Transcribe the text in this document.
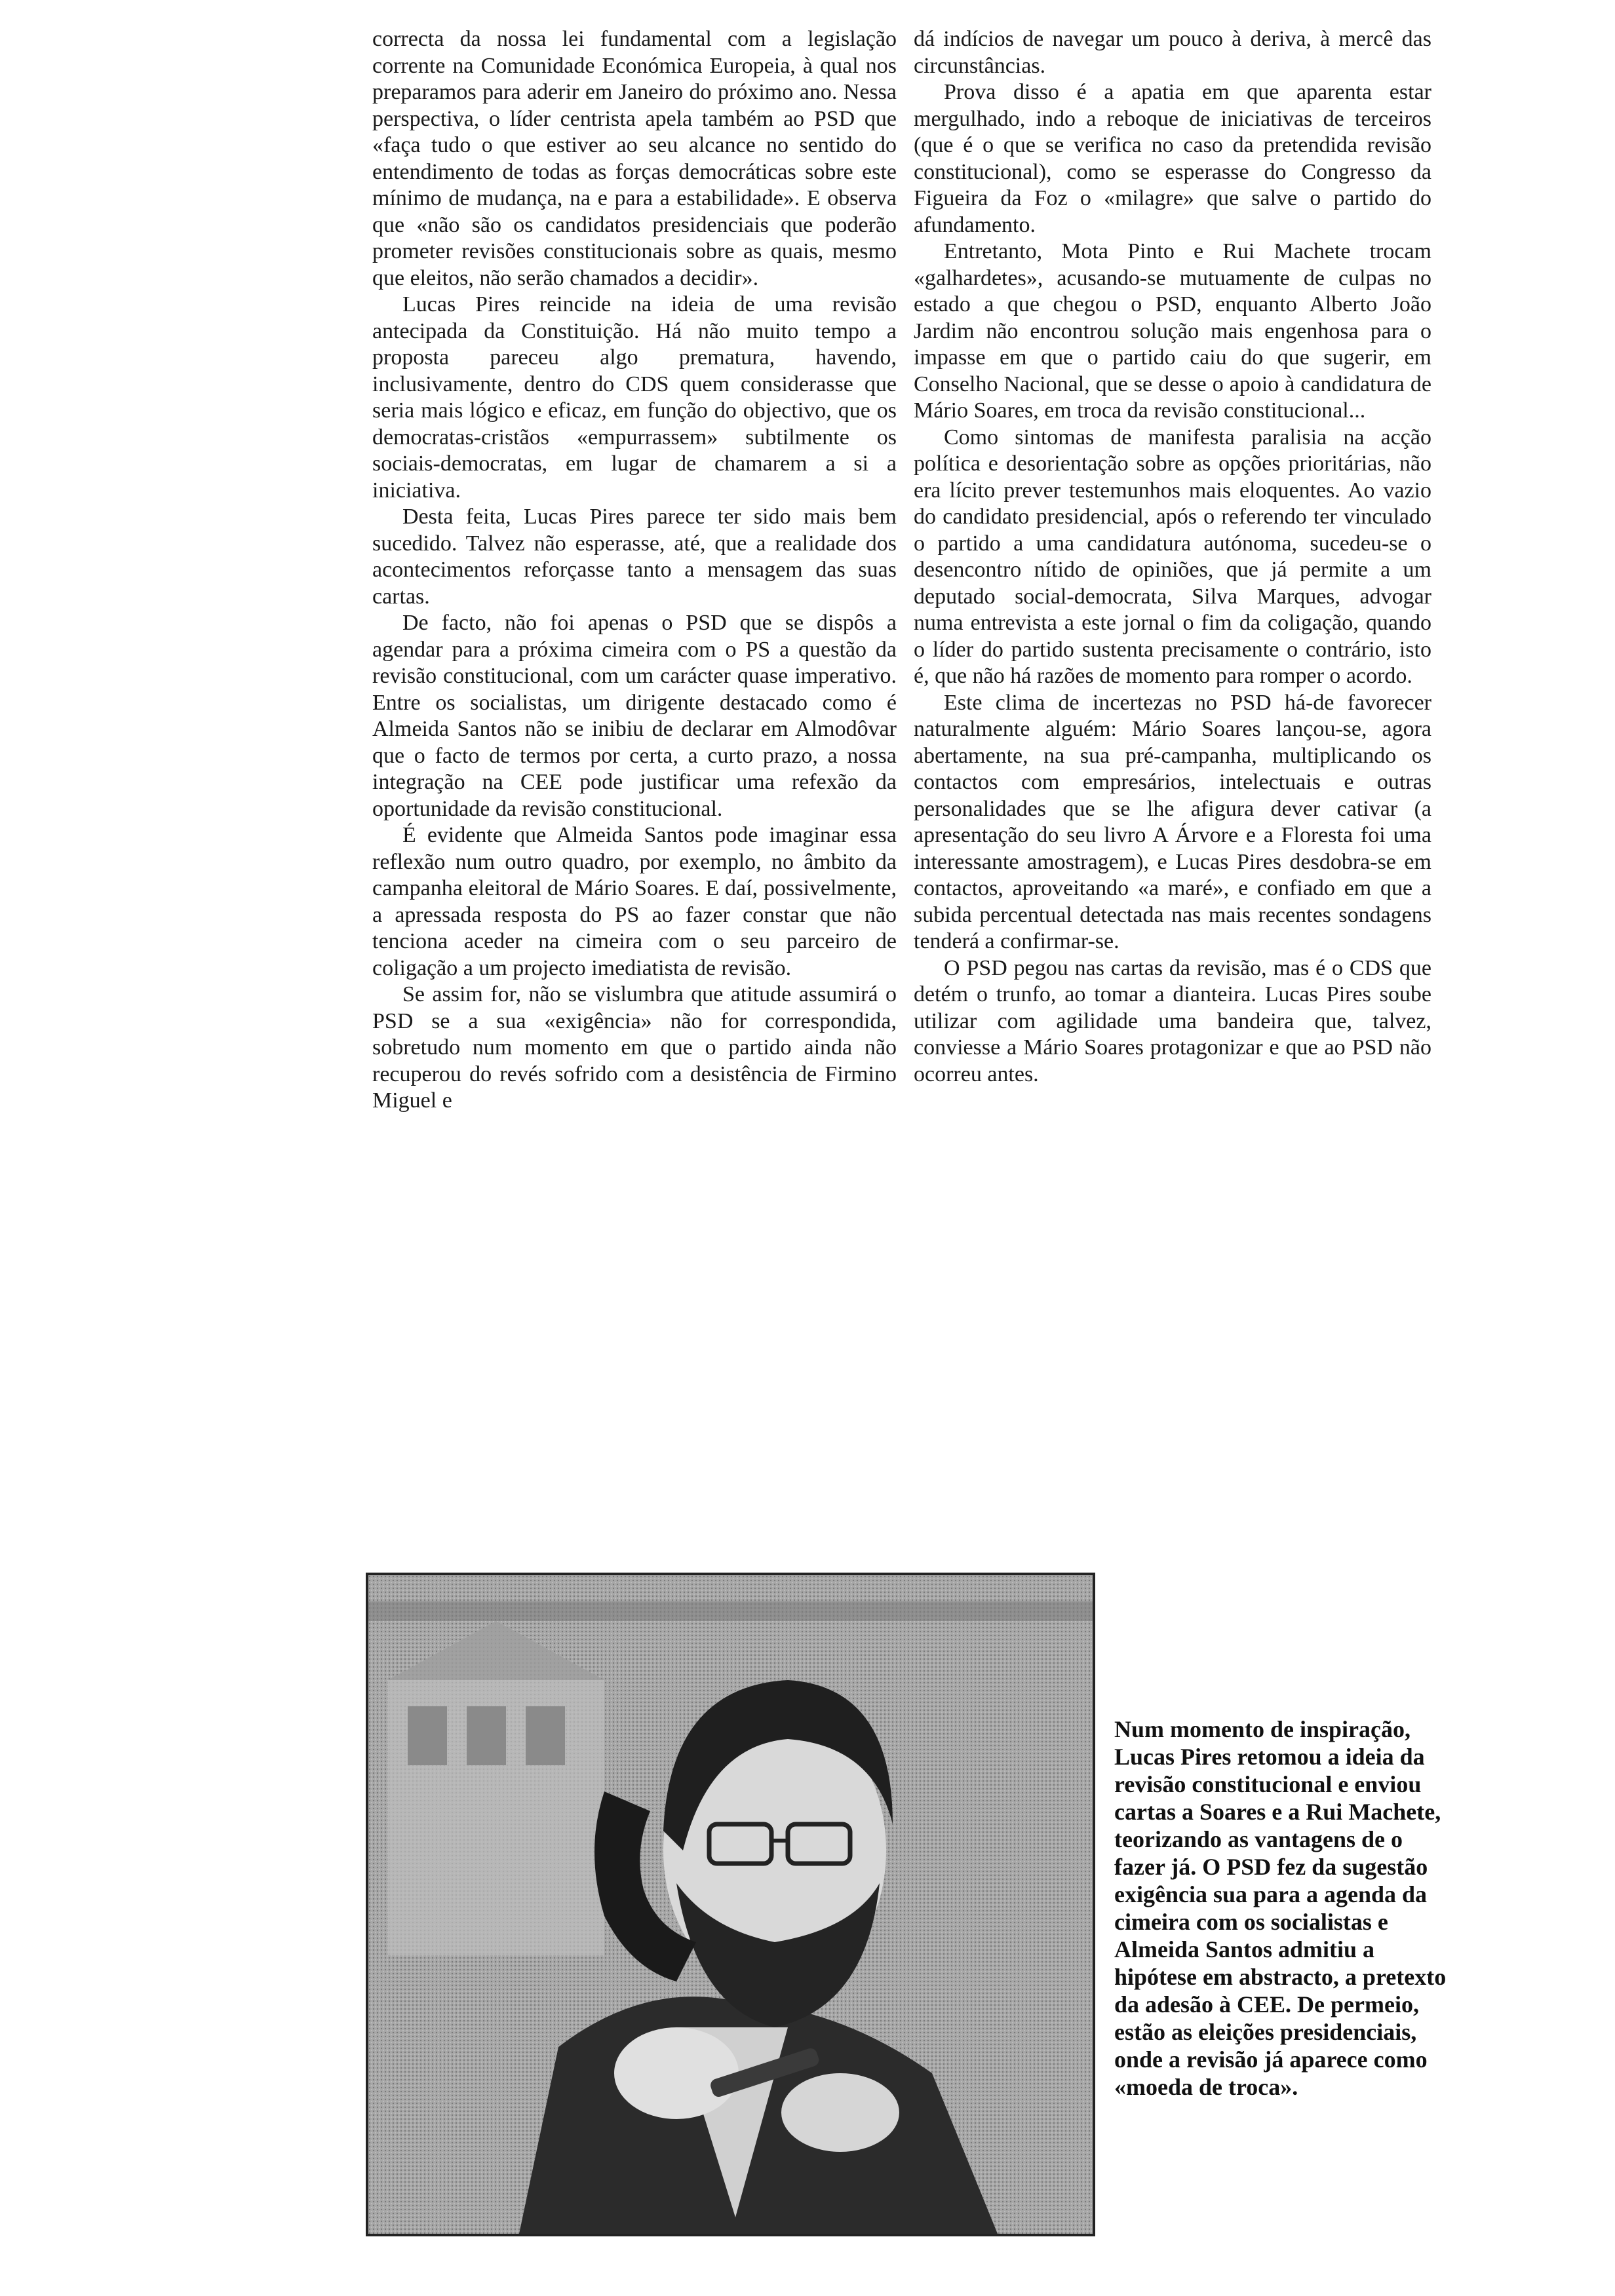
correcta da nossa lei fundamental com a legislação corrente na Comunidade Económica Europeia, à qual nos preparamos para aderir em Janeiro do próximo ano. Nessa perspectiva, o líder centrista apela também ao PSD que «faça tudo o que estiver ao seu alcance no sentido do entendimento de todas as forças democráticas sobre este mínimo de mudança, na e para a estabilidade». E observa que «não são os candidatos presidenciais que poderão prometer revisões constitucionais sobre as quais, mesmo que eleitos, não serão chamados a decidir».

Lucas Pires reincide na ideia de uma revisão antecipada da Constituição. Há não muito tempo a proposta pareceu algo prematura, havendo, inclusivamente, dentro do CDS quem considerasse que seria mais lógico e eficaz, em função do objectivo, que os democratas-cristãos «empurrassem» subtilmente os sociais-democratas, em lugar de chamarem a si a iniciativa.

Desta feita, Lucas Pires parece ter sido mais bem sucedido. Talvez não esperasse, até, que a realidade dos acontecimentos reforçasse tanto a mensagem das suas cartas.

De facto, não foi apenas o PSD que se dispôs a agendar para a próxima cimeira com o PS a questão da revisão constitucional, com um carácter quase imperativo. Entre os socialistas, um dirigente destacado como é Almeida Santos não se inibiu de declarar em Almodôvar que o facto de termos por certa, a curto prazo, a nossa integração na CEE pode justificar uma refexão da oportunidade da revisão constitucional.

É evidente que Almeida Santos pode imaginar essa reflexão num outro quadro, por exemplo, no âmbito da campanha eleitoral de Mário Soares. E daí, possivelmente, a apressada resposta do PS ao fazer constar que não tenciona aceder na cimeira com o seu parceiro de coligação a um projecto imediatista de revisão.

Se assim for, não se vislumbra que atitude assumirá o PSD se a sua «exigência» não for correspondida, sobretudo num momento em que o partido ainda não recuperou do revés sofrido com a desistência de Firmino Miguel e

dá indícios de navegar um pouco à deriva, à mercê das circunstâncias.

Prova disso é a apatia em que aparenta estar mergulhado, indo a reboque de iniciativas de terceiros (que é o que se verifica no caso da pretendida revisão constitucional), como se esperasse do Congresso da Figueira da Foz o «milagre» que salve o partido do afundamento.

Entretanto, Mota Pinto e Rui Machete trocam «galhardetes», acusando-se mutuamente de culpas no estado a que chegou o PSD, enquanto Alberto João Jardim não encontrou solução mais engenhosa para o impasse em que o partido caiu do que sugerir, em Conselho Nacional, que se desse o apoio à candidatura de Mário Soares, em troca da revisão constitucional...

Como sintomas de manifesta paralisia na acção política e desorientação sobre as opções prioritárias, não era lícito prever testemunhos mais eloquentes. Ao vazio do candidato presidencial, após o referendo ter vinculado o partido a uma candidatura autónoma, sucedeu-se o desencontro nítido de opiniões, que já permite a um deputado social-democrata, Silva Marques, advogar numa entrevista a este jornal o fim da coligação, quando o líder do partido sustenta precisamente o contrário, isto é, que não há razões de momento para romper o acordo.

Este clima de incertezas no PSD há-de favorecer naturalmente alguém: Mário Soares lançou-se, agora abertamente, na sua pré-campanha, multiplicando os contactos com empresários, intelectuais e outras personalidades que se lhe afigura dever cativar (a apresentação do seu livro A Árvore e a Floresta foi uma interessante amostragem), e Lucas Pires desdobra-se em contactos, aproveitando «a maré», e confiado em que a subida percentual detectada nas mais recentes sondagens tenderá a confirmar-se.

O PSD pegou nas cartas da revisão, mas é o CDS que detém o trunfo, ao tomar a dianteira. Lucas Pires soube utilizar com agilidade uma bandeira que, talvez, conviesse a Mário Soares protagonizar e que ao PSD não ocorreu antes.

Num momento de inspiração, Lucas Pires retomou a ideia da revisão constitucional e enviou cartas a Soares e a Rui Machete, teorizando as vantagens de o fazer já. O PSD fez da sugestão exigência sua para a agenda da cimeira com os socialistas e Almeida Santos admitiu a hipótese em abstracto, a pretexto da adesão à CEE. De permeio, estão as eleições presidenciais, onde a revisão já aparece como «moeda de troca».
